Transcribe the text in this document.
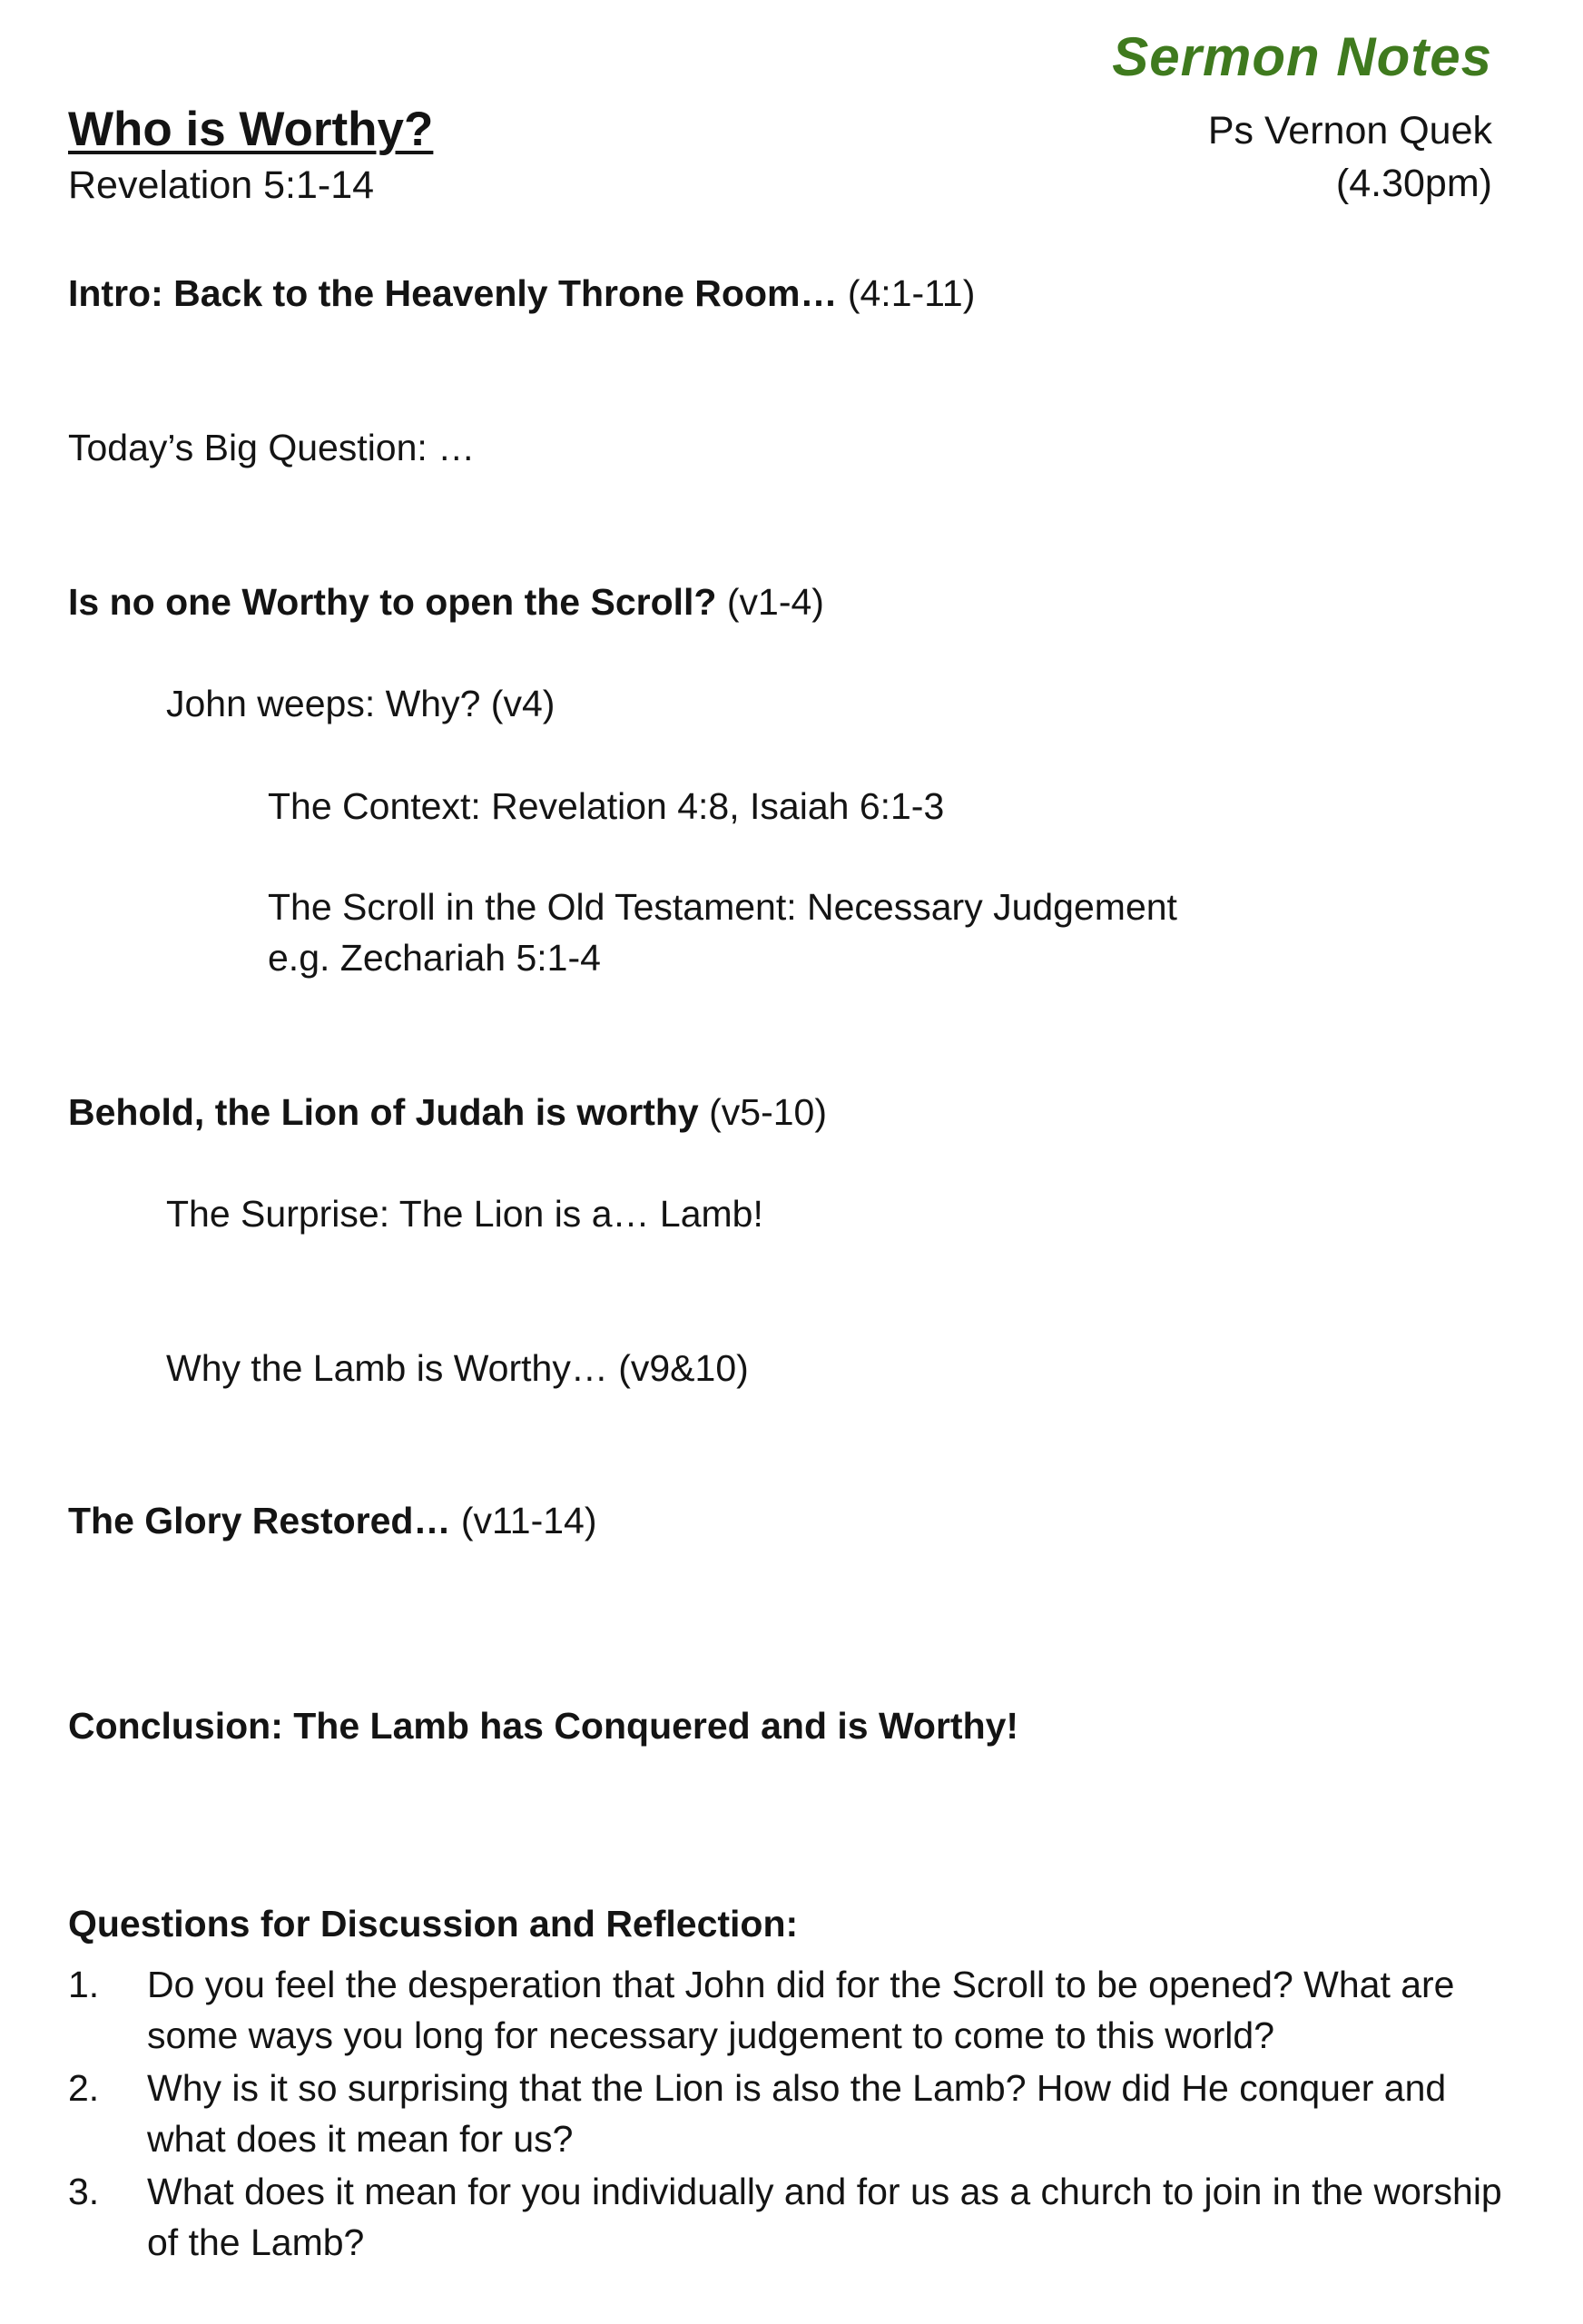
Sermon Notes
Who is Worthy?
Revelation 5:1-14
Ps Vernon Quek
(4.30pm)
Intro: Back to the Heavenly Throne Room… (4:1-11)
Today’s Big Question: …
Is no one Worthy to open the Scroll? (v1-4)
John weeps: Why? (v4)
The Context: Revelation 4:8, Isaiah 6:1-3
The Scroll in the Old Testament: Necessary Judgement
e.g. Zechariah 5:1-4
Behold, the Lion of Judah is worthy (v5-10)
The Surprise: The Lion is a… Lamb!
Why the Lamb is Worthy… (v9&10)
The Glory Restored… (v11-14)
Conclusion: The Lamb has Conquered and is Worthy!
Questions for Discussion and Reflection:
1. Do you feel the desperation that John did for the Scroll to be opened? What are some ways you long for necessary judgement to come to this world?
2. Why is it so surprising that the Lion is also the Lamb? How did He conquer and what does it mean for us?
3. What does it mean for you individually and for us as a church to join in the worship of the Lamb?
